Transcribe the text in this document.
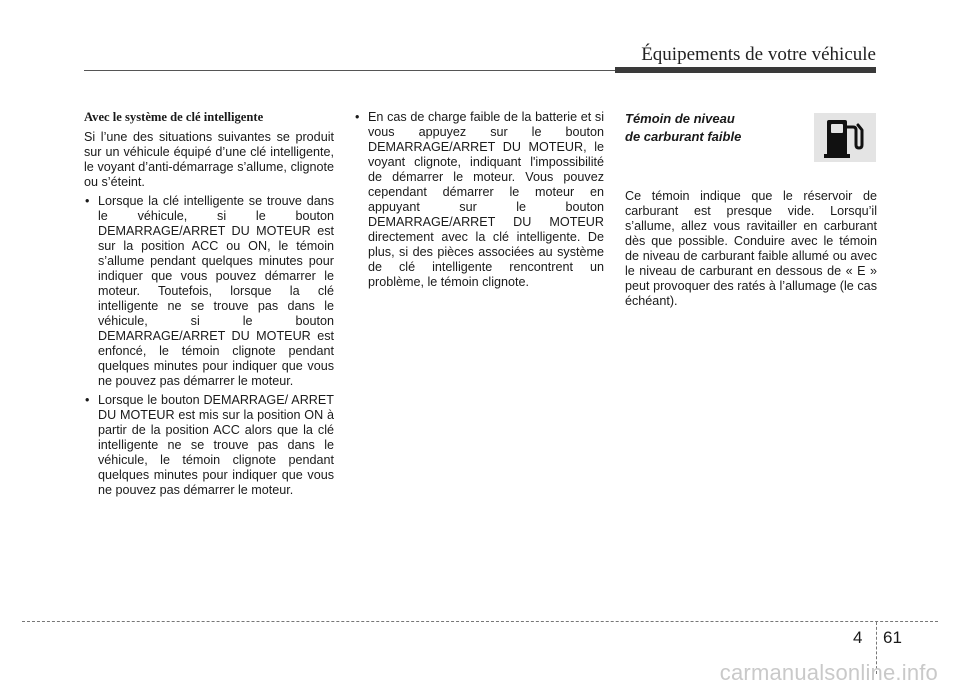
Équipements de votre véhicule
Avec le système de clé intelligente
Si l’une des situations suivantes se produit sur un véhicule équipé d’une clé intelligente, le voyant d’anti-démarrage s’allume, clignote ou s’éteint.
• Lorsque la clé intelligente se trouve dans le véhicule, si le bouton DEMARRAGE/ARRET DU MOTEUR est sur la position ACC ou ON, le témoin s’allume pendant quelques minutes pour indiquer que vous pouvez démarrer le moteur. Toutefois, lorsque la clé intelligente ne se trouve pas dans le véhicule, si le bouton DEMARRAGE/ARRET DU MOTEUR est enfoncé, le témoin clignote pendant quelques minutes pour indiquer que vous ne pouvez pas démarrer le moteur.
• Lorsque le bouton DEMARRAGE/ ARRET DU MOTEUR est mis sur la position ON à partir de la position ACC alors que la clé intelligente ne se trouve pas dans le véhicule, le témoin clignote pendant quelques minutes pour indiquer que vous ne pouvez pas démarrer le moteur.
• En cas de charge faible de la batterie et si vous appuyez sur le bouton DEMARRAGE/ARRET DU MOTEUR, le voyant clignote, indiquant l'impossibilité de démarrer le moteur. Vous pouvez cependant démarrer le moteur en appuyant sur le bouton DEMARRAGE/ARRET DU MOTEUR directement avec la clé intelligente. De plus, si des pièces associées au système de clé intelligente rencontrent un problème, le témoin clignote.
Témoin de niveau
de carburant faible
Ce témoin indique que le réservoir de carburant est presque vide. Lorsqu’il s’allume, allez vous ravitailler en carburant dès que possible. Conduire avec le témoin de niveau de carburant faible allumé ou avec le niveau de carburant en dessous de « E » peut provoquer des ratés à l’allumage (le cas échéant).
4 61
carmanualsonline.info
